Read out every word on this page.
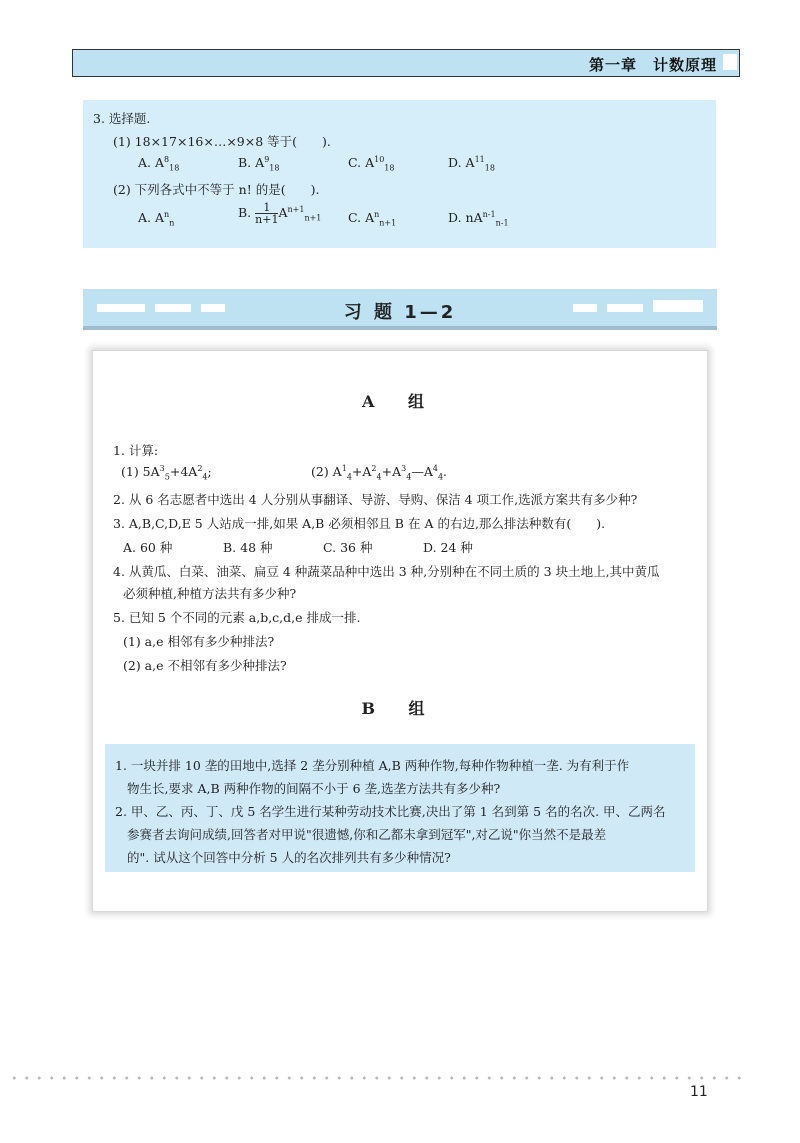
第一章　计数原理
3. 选择题.
(1) 18×17×16×…×9×8 等于(　　).
A. $A^8_{18}$	B. $A^9_{18}$	C. $A^{10}_{18}$	D. $A^{11}_{18}$
(2) 下列各式中不等于 n! 的是(　　).
A. $A^n_n$
B. $\frac{1}{n+1} A^{n+1}_{n+1}$ C. $A^n_{n+1}$	D. $nA^{n-1}_{n-1}$
习 题 1—2
A 组
1. 计算:
(1) $5A^3_5+4A^2_4$;	(2) $A^1_4+A^2_4+A^3_4—A^4_4$.
2. 从 6 名志愿者中选出 4 人分别从事翻译、导游、导购、保洁 4 项工作,选派方案共有多少种?
3. A,B,C,D,E 5 人站成一排,如果 A,B 必须相邻且 B 在 A 的右边,那么排法种数有(　　).
A. 60 种	B. 48 种	C. 36 种	D. 24 种
4. 从黄瓜、白菜、油菜、扁豆 4 种蔬菜品种中选出 3 种,分别种在不同土质的 3 块土地上,其中黄瓜
必须种植,种植方法共有多少种?
5. 已知 5 个不同的元素 a,b,c,d,e 排成一排.
(1) a,e 相邻有多少种排法?
(2) a,e 不相邻有多少种排法?
B 组
1. 一块并排 10 垄的田地中,选择 2 垄分别种植 A,B 两种作物,每种作物种植一垄. 为有利于作
物生长,要求 A,B 两种作物的间隔不小于 6 垄,选垄方法共有多少种?
2. 甲、乙、丙、丁、戊 5 名学生进行某种劳动技术比赛,决出了第 1 名到第 5 名的名次. 甲、乙两名
参赛者去询问成绩,回答者对甲说"很遗憾,你和乙都未拿到冠军",对乙说"你当然不是最差
的". 试从这个回答中分析 5 人的名次排列共有多少种情况?
11
